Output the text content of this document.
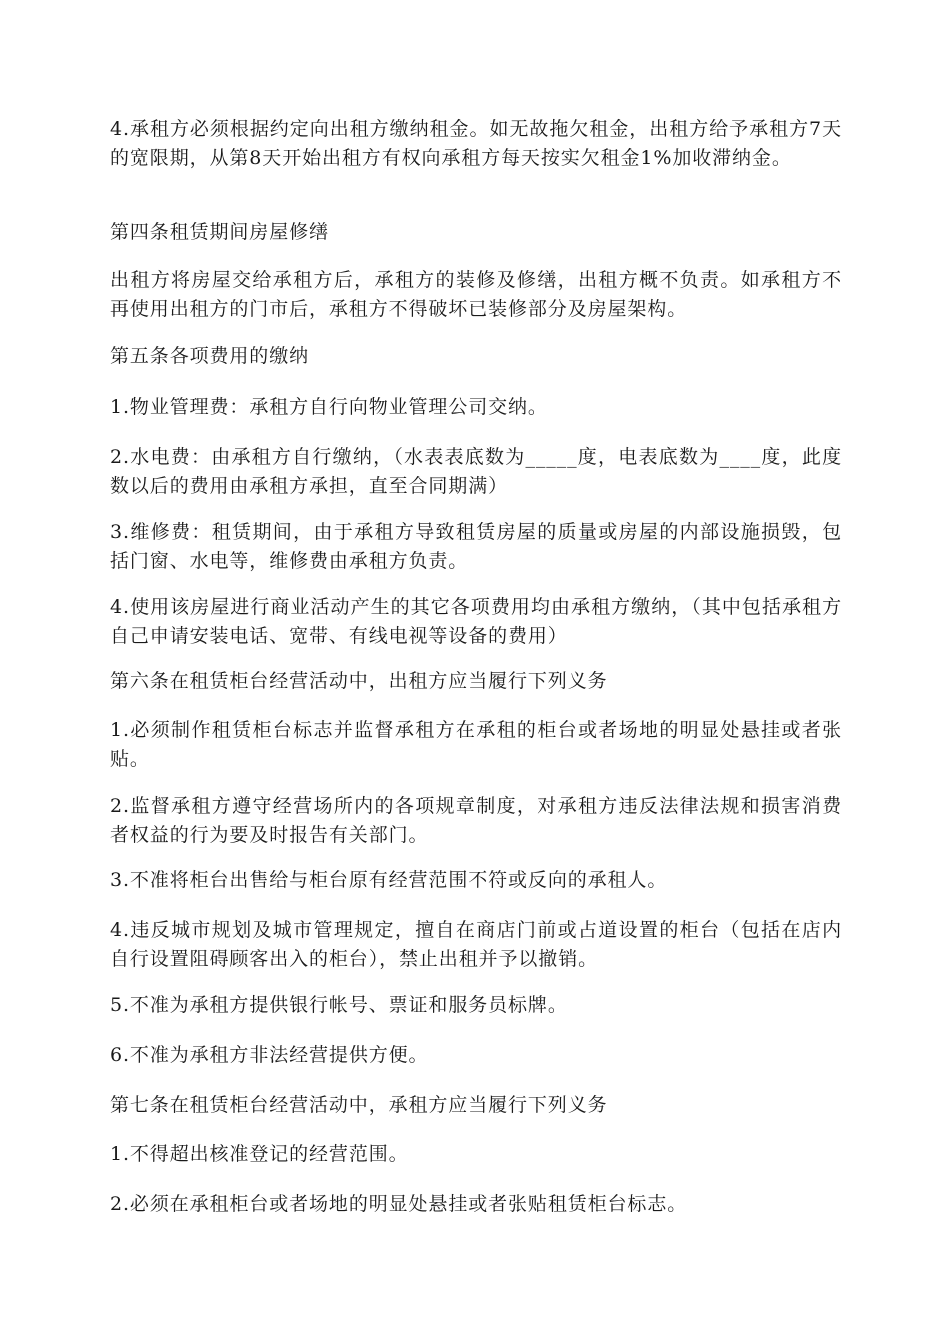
4.承租方必须根据约定向出租方缴纳租金。如无故拖欠租金，出租方给予承租方7天的宽限期，从第8天开始出租方有权向承租方每天按实欠租金1%加收滞纳金。

第四条租赁期间房屋修缮

出租方将房屋交给承租方后，承租方的装修及修缮，出租方概不负责。如承租方不再使用出租方的门市后，承租方不得破坏已装修部分及房屋架构。

第五条各项费用的缴纳

1.物业管理费：承租方自行向物业管理公司交纳。

2.水电费：由承租方自行缴纳，（水表表底数为_____度，电表底数为____度，此度数以后的费用由承租方承担，直至合同期满）

3.维修费：租赁期间，由于承租方导致租赁房屋的质量或房屋的内部设施损毁，包括门窗、水电等，维修费由承租方负责。

4.使用该房屋进行商业活动产生的其它各项费用均由承租方缴纳，（其中包括承租方自己申请安装电话、宽带、有线电视等设备的费用）

第六条在租赁柜台经营活动中，出租方应当履行下列义务

1.必须制作租赁柜台标志并监督承租方在承租的柜台或者场地的明显处悬挂或者张贴。

2.监督承租方遵守经营场所内的各项规章制度，对承租方违反法律法规和损害消费者权益的行为要及时报告有关部门。

3.不准将柜台出售给与柜台原有经营范围不符或反向的承租人。

4.违反城市规划及城市管理规定，擅自在商店门前或占道设置的柜台（包括在店内自行设置阻碍顾客出入的柜台），禁止出租并予以撤销。

5.不准为承租方提供银行帐号、票证和服务员标牌。

6.不准为承租方非法经营提供方便。

第七条在租赁柜台经营活动中，承租方应当履行下列义务

1.不得超出核准登记的经营范围。

2.必须在承租柜台或者场地的明显处悬挂或者张贴租赁柜台标志。
